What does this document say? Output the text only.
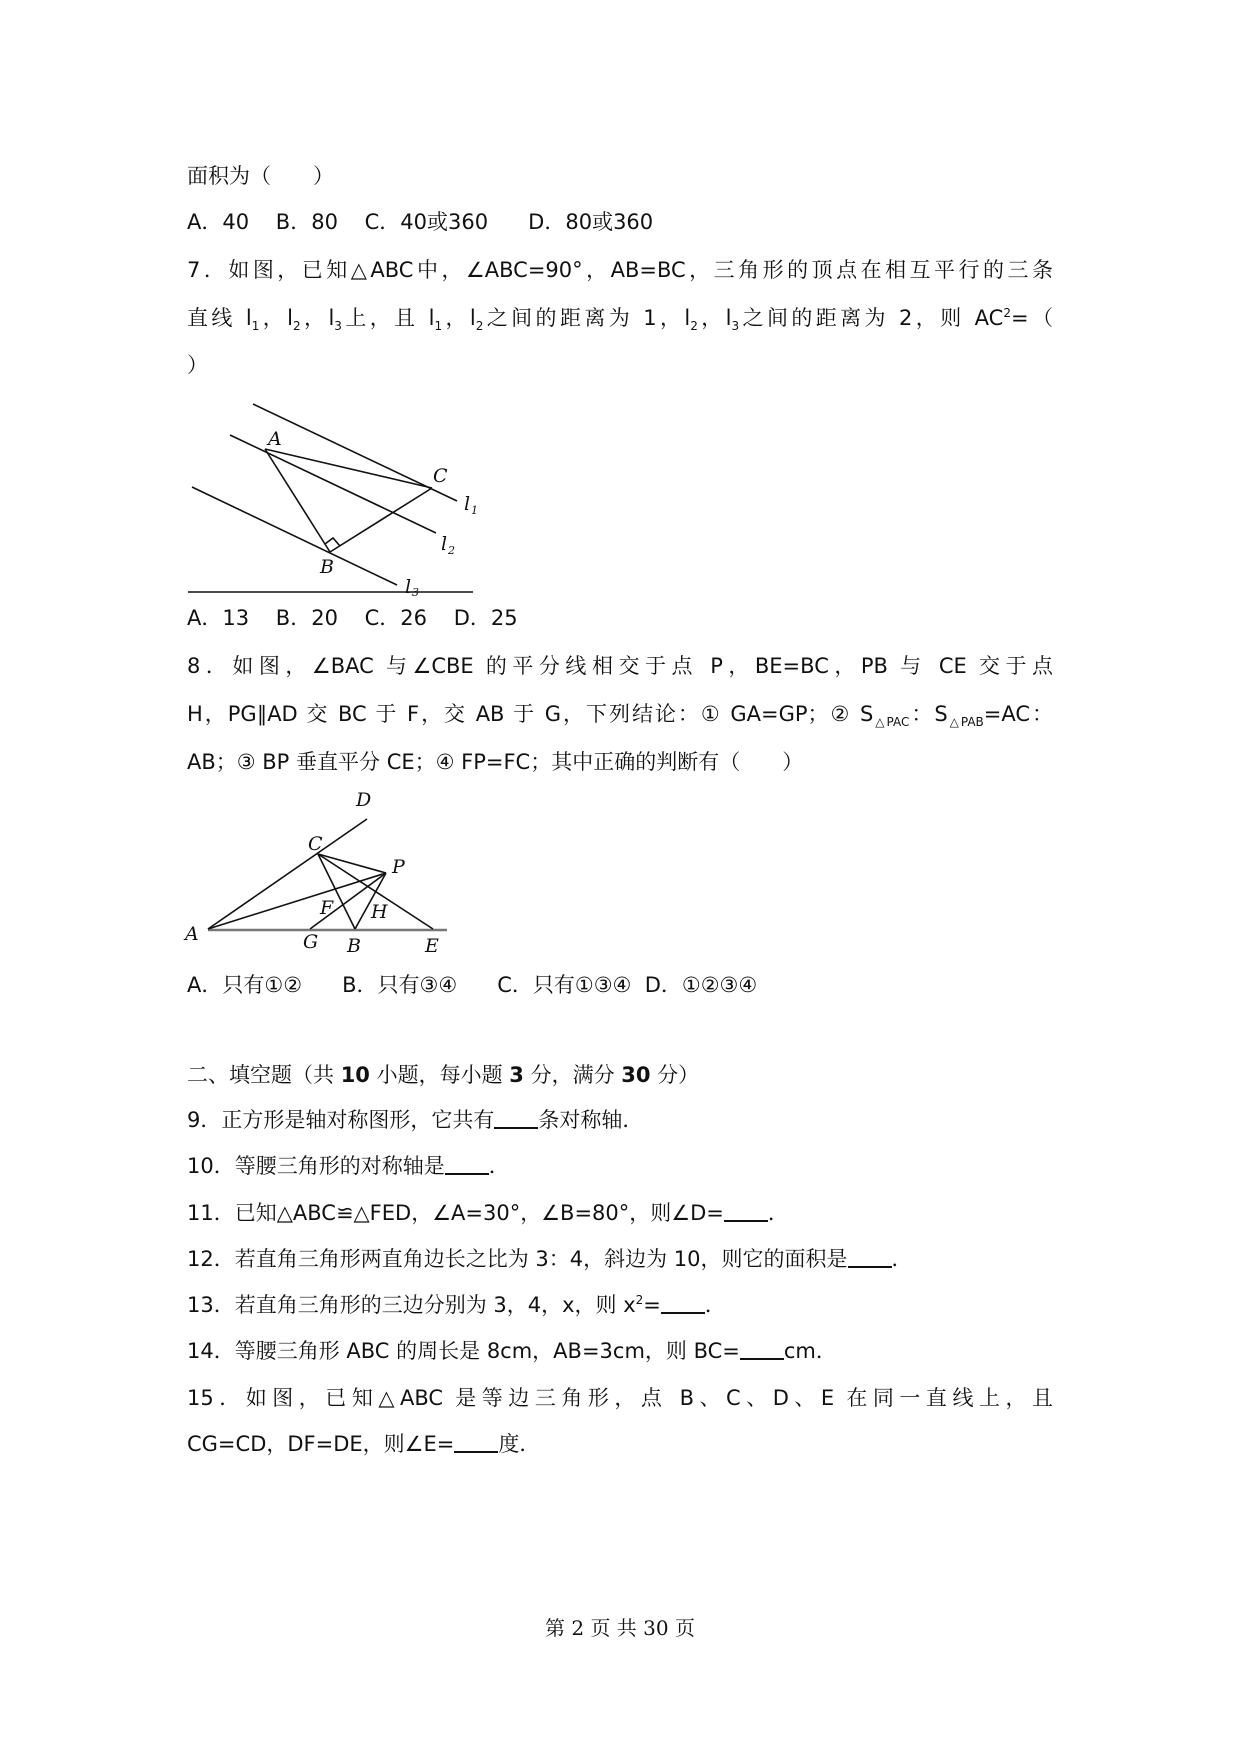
面积为（　　）
A．40 B．80 C．40或360 D．80或360
7．如图，已知△ABC中，∠ABC=90°，AB=BC，三角形的顶点在相互平行的三条
直线 $l_1$，$l_2$，$l_3$上，且 $l_1$，$l_2$之间的距离为 1，$l_2$，$l_3$之间的距离为 2，则 $AC^2=$（
）
A
C
B
l 1
l 2
l 3
A．13 B．20 C．26 D．25
8．如图，∠BAC 与∠CBE 的平分线相交于点 P，BE=BC，PB 与 CE 交于点
H，PG∥AD 交 BC 于 F，交 AB 于 G，下列结论：① GA=GP；② $S_{\triangle PAC}$：$S_{\triangle PAB}=AC$：
AB；③ BP 垂直平分 CE；④ FP=FC；其中正确的判断有（　　）
D
C
P
F H
A	G B	E
A．只有①② B．只有③④ C．只有①③④ D．①②③④
二、填空题（共 10 小题，每小题 3 分，满分 30 分）
9．正方形是轴对称图形，它共有 条对称轴．
10．等腰三角形的对称轴是 ．
11．已知△ABC≌△FED，∠A=30°，∠B=80°，则∠D= ．
12．若直角三角形两直角边长之比为 3：4，斜边为 10，则它的面积是 ．
13．若直角三角形的三边分别为 3，4，x，则 $x^2=$ ．
14．等腰三角形 ABC 的周长是 8cm，AB=3cm，则 BC= cm．
15．如图，已知△ABC 是等边三角形，点 B、C、D、E 在同一直线上，且
CG=CD，DF=DE，则∠E= 度．
第 2 页 共 30 页
